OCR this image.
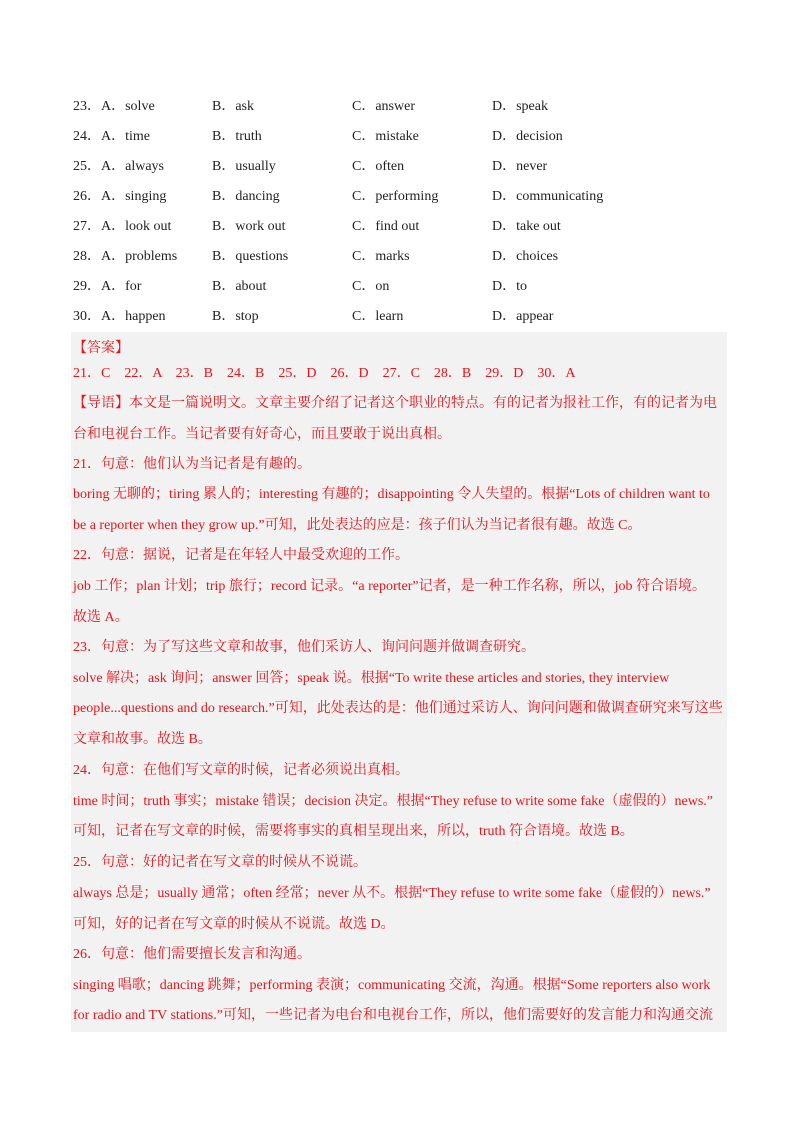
23． A．solve	B．ask	C．answer	D．speak
24． A．time	B．truth	C．mistake	D．decision
25． A．always	B．usually	C．often	D．never
26． A．singing	B．dancing	C．performing	D．communicating
27． A．look out	B．work out	C．find out	D．take out
28． A．problems B．questions	C．marks	D．choices
29． A．for	B．about	C．on	D．to
30． A．happen	B．stop	C．learn	D．appear
【答案】
21．C　22．A　23．B　24．B　25．D　26．D　27．C　28．B　29．D　30．A
【导语】本文是一篇说明文。文章主要介绍了记者这个职业的特点。有的记者为报社工作，有的记者为电
台和电视台工作。当记者要有好奇心，而且要敢于说出真相。
21．句意：他们认为当记者是有趣的。
boring 无聊的；tiring 累人的；interesting 有趣的；disappointing 令人失望的。根据“Lots of children want to
be a reporter when they grow up.”可知，此处表达的应是：孩子们认为当记者很有趣。故选 C。
22．句意：据说，记者是在年轻人中最受欢迎的工作。
job 工作；plan 计划；trip 旅行；record 记录。“a reporter”记者，是一种工作名称，所以，job 符合语境。
故选 A。
23．句意：为了写这些文章和故事，他们采访人、询问问题并做调查研究。
solve 解决；ask 询问；answer 回答；speak 说。根据“To write these articles and stories, they interview
people...questions and do research.”可知，此处表达的是：他们通过采访人、询问问题和做调查研究来写这些
文章和故事。故选 B。
24．句意：在他们写文章的时候，记者必须说出真相。
time 时间；truth 事实；mistake 错误；decision 决定。根据“They refuse to write some fake（虚假的）news.”
可知，记者在写文章的时候，需要将事实的真相呈现出来，所以，truth 符合语境。故选 B。
25．句意：好的记者在写文章的时候从不说谎。
always 总是；usually 通常；often 经常；never 从不。根据“They refuse to write some fake（虚假的）news.”
可知，好的记者在写文章的时候从不说谎。故选 D。
26．句意：他们需要擅长发言和沟通。
singing 唱歌；dancing 跳舞；performing 表演；communicating 交流，沟通。根据“Some reporters also work
for radio and TV stations.”可知，一些记者为电台和电视台工作，所以，他们需要好的发言能力和沟通交流
